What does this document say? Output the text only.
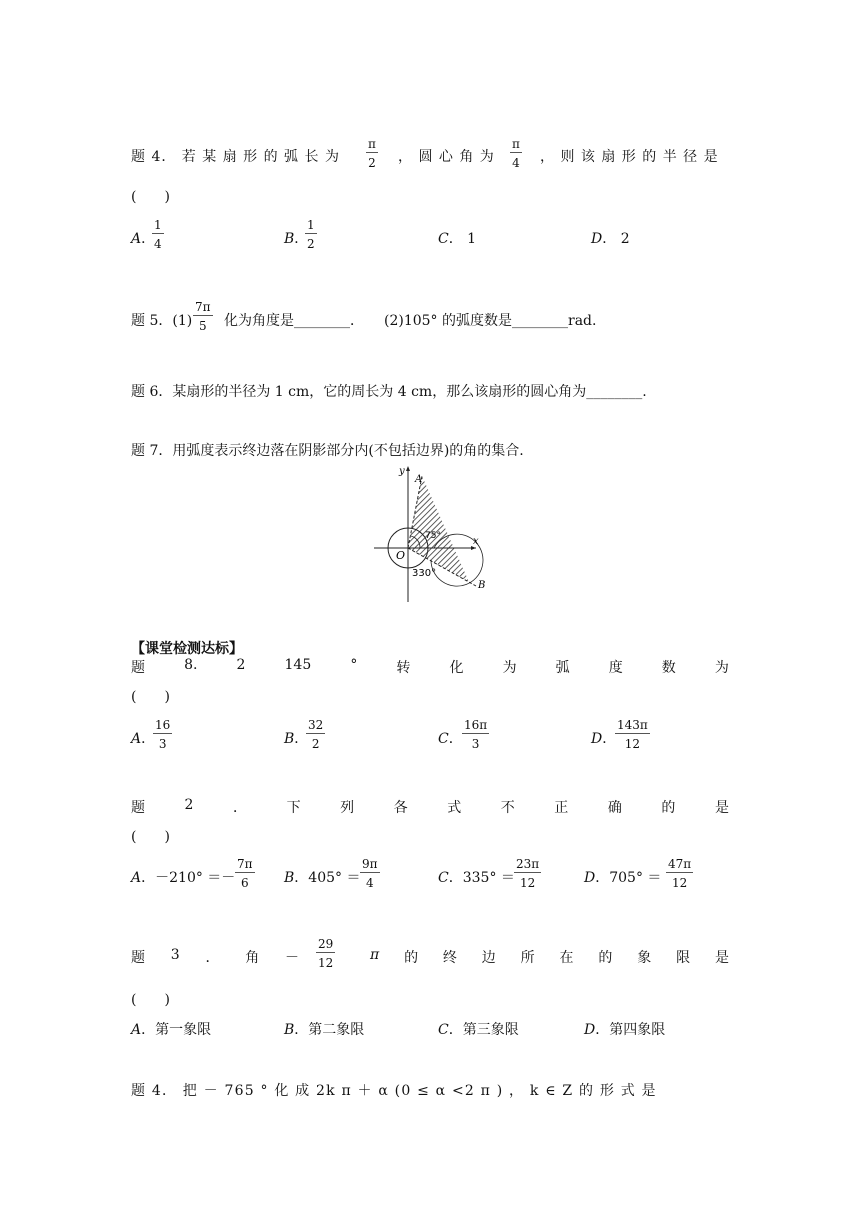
题 4． 若 某 扇 形 的 弧 长 为 $\frac{\pi}{2}$ ， 圆 心 角 为 $\frac{\pi}{4}$ ， 则 该 扇 形 的 半 径 是
(　　)
A．
$\frac{1}{4}$	B．
$\frac{1}{2}$	C． 1	D． 2
题 5．$(1) \frac{7\pi}{5}$ 化为角度是________． (2)105° 的弧度数是________rad.
题 6．某扇形的半径为 1 cm，它的周长为 4 cm，那么该扇形的圆心角为________.
题 7．用弧度表示终边落在阴影部分内(不包括边界)的角的集合.
y
x
O
A
B
75°
330°
【课堂检测达标】
题	8.	2	145	°	转	化	为	弧	度	数	为
(　　)
A．
$\frac{16}{3}$	B．
$\frac{32}{2}$	C． $\frac{16\pi}{3}$	D．
$\frac{143\pi}{12}$
题	2	．	下	列	各	式	不	正	确	的	是
(　　)
A．$-210^\circ =- \frac{7\pi}{6}$ B．$405^\circ = \frac{9\pi}{4}$	C．$335^\circ = \frac{23\pi}{12}$	D．$705^\circ = \frac{47\pi}{12}$
题 3 ． 角 － $\frac{29}{12}$ π 的 终 边 所 在 的 象 限 是
(　　)
A．第一象限	B．第二象限	C．第三象限	D．第四象限
题 4． 把 － 765 ° 化 成 2k π ＋ α (0 ≤ α <2 π ) ， k ∈ Z 的 形 式 是
